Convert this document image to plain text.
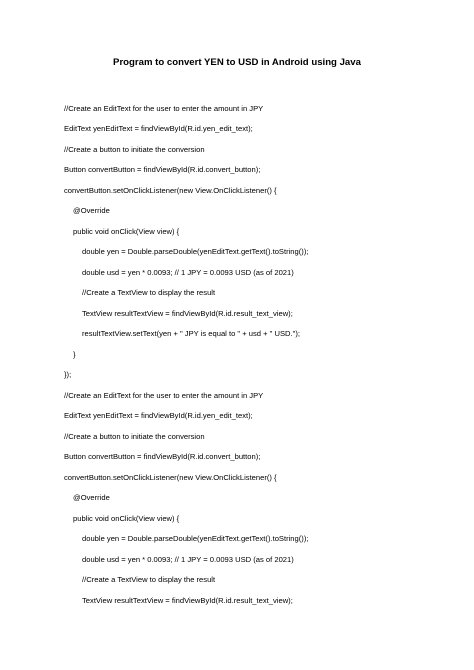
Program to convert YEN to USD in Android using Java
//Create an EditText for the user to enter the amount in JPY
EditText yenEditText = findViewById(R.id.yen_edit_text);
//Create a button to initiate the conversion
Button convertButton = findViewById(R.id.convert_button);
convertButton.setOnClickListener(new View.OnClickListener() {
@Override
public void onClick(View view) {
double yen = Double.parseDouble(yenEditText.getText().toString());
double usd = yen * 0.0093; // 1 JPY = 0.0093 USD (as of 2021)
//Create a TextView to display the result
TextView resultTextView = findViewById(R.id.result_text_view);
resultTextView.setText(yen + " JPY is equal to " + usd + " USD.");
}
});
//Create an EditText for the user to enter the amount in JPY
EditText yenEditText = findViewById(R.id.yen_edit_text);
//Create a button to initiate the conversion
Button convertButton = findViewById(R.id.convert_button);
convertButton.setOnClickListener(new View.OnClickListener() {
@Override
public void onClick(View view) {
double yen = Double.parseDouble(yenEditText.getText().toString());
double usd = yen * 0.0093; // 1 JPY = 0.0093 USD (as of 2021)
//Create a TextView to display the result
TextView resultTextView = findViewById(R.id.result_text_view);
